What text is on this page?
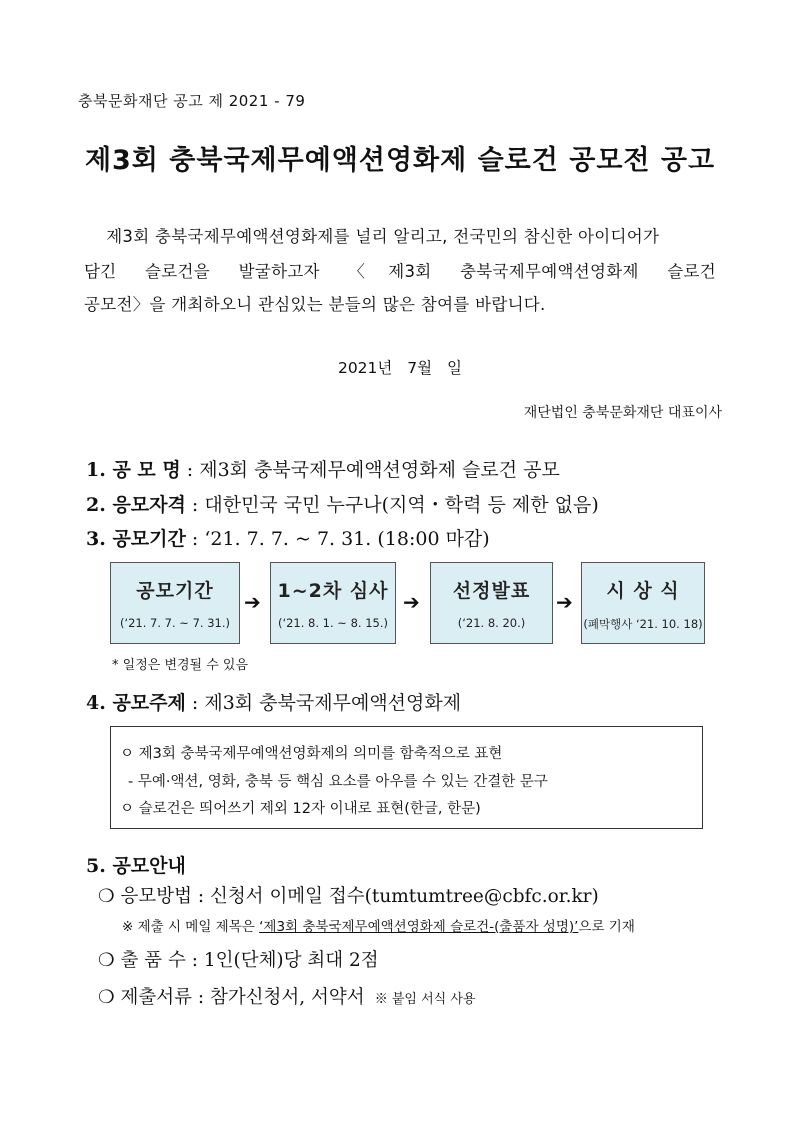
충북문화재단 공고 제 2021 - 79
제3회 충북국제무예액션영화제 슬로건 공모전 공고
제3회 충북국제무예액션영화제를 널리 알리고, 전국민의 참신한 아이디어가
담긴 슬로건을 발굴하고자 〈제3회 충북국제무예액션영화제 슬로건
공모전〉을 개최하오니 관심있는 분들의 많은 참여를 바랍니다.
2021년 7월 일
재단법인 충북문화재단 대표이사
1. 공 모 명 : 제3회 충북국제무예액션영화제 슬로건 공모
2. 응모자격 : 대한민국 국민 누구나(지역・학력 등 제한 없음)
3. 공모기간 : ‘21. 7. 7. ~ 7. 31. (18:00 마감)
공모기간
(‘21. 7. 7. ~ 7. 31.)
➔ 1~2차 심사
(‘21. 8. 1. ~ 8. 15.)
➔	선정발표
(‘21. 8. 20.)
➔	시 상 식
(폐막행사 ‘21. 10. 18)
* 일정은 변경될 수 있음
4. 공모주제 : 제3회 충북국제무예액션영화제
ㅇ 제3회 충북국제무예액션영화제의 의미를 함축적으로 표현
- 무예·액션, 영화, 충북 등 핵심 요소를 아우를 수 있는 간결한 문구
ㅇ 슬로건은 띄어쓰기 제외 12자 이내로 표현(한글, 한문)
5. 공모안내
❍ 응모방법 : 신청서 이메일 접수(tumtumtree@cbfc.or.kr)
※ 제출 시 메일 제목은 ‘제3회 충북국제무예액션영화제 슬로건-(출품자 성명)’으로 기재
❍ 출 품 수 : 1인(단체)당 최대 2점
❍ 제출서류 : 참가신청서, 서약서 ※ 붙임 서식 사용
